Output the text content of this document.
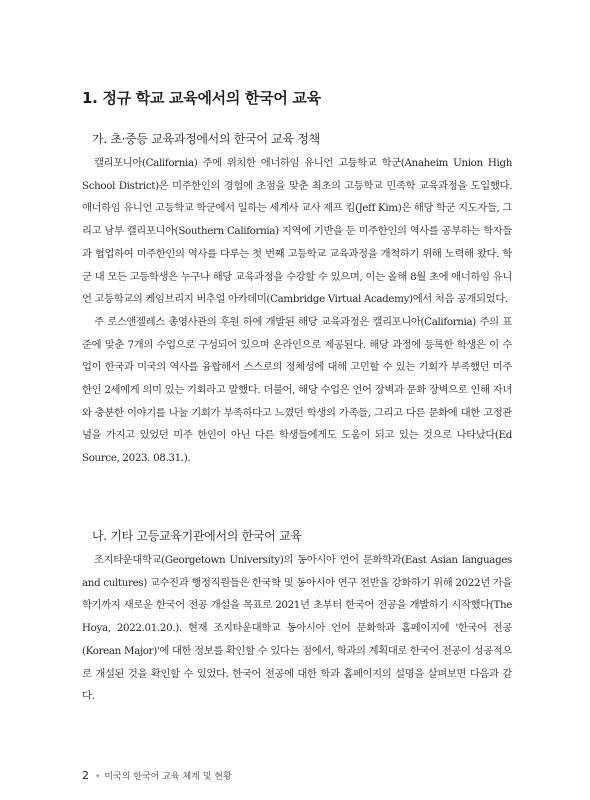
1. 정규 학교 교육에서의 한국어 교육
가. 초·중등 교육과정에서의 한국어 교육 정책

캘리포니아(California) 주에 위치한 애너하임 유니언 고등학교 학군(Anaheim Union High School District)은 미주한인의 경험에 초점을 맞춘 최초의 고등학교 민족학 교육과정을 도입했다. 애너하임 유니언 고등학교 학군에서 일하는 세계사 교사 제프 킴(Jeff Kim)은 해당 학군 지도자들, 그리고 남부 캘리포니아(Southern California) 지역에 기반을 둔 미주한인의 역사를 공부하는 학자들과 협업하여 미주한인의 역사를 다루는 첫 번째 고등학교 교육과정을 개척하기 위해 노력해 왔다. 학군 내 모든 고등학생은 누구나 해당 교육과정을 수강할 수 있으며, 이는 올해 8월 초에 애너하임 유니언 고등학교의 케임브리지 버추얼 아카데미(Cambridge Virtual Academy)에서 처음 공개되었다.

주 로스앤젤레스 총영사관의 후원 하에 개발된 해당 교육과정은 캘리포니아(California) 주의 표준에 맞춘 7개의 수업으로 구성되어 있으며 온라인으로 제공된다. 해당 과정에 등록한 학생은 이 수업이 한국과 미국의 역사를 융합해서 스스로의 정체성에 대해 고민할 수 있는 기회가 부족했던 미주 한인 2세에게 의미 있는 기회라고 말했다. 더불어, 해당 수업은 언어 장벽과 문화 장벽으로 인해 자녀와 충분한 이야기를 나눌 기회가 부족하다고 느꼈던 학생의 가족들, 그리고 다른 문화에 대한 고정관념을 가지고 있었던 미주 한인이 아닌 다른 학생들에게도 도움이 되고 있는 것으로 나타났다(Ed Source, 2023. 08.31.).

나. 기타 고등교육기관에서의 한국어 교육

조지타운대학교(Georgetown University)의 동아시아 언어 문화학과(East Asian languages and cultures) 교수진과 행정직원들은 한국학 및 동아시아 연구 전반을 강화하기 위해 2022년 가을학기까지 새로운 한국어 전공 개설을 목표로 2021년 초부터 한국어 전공을 개발하기 시작했다(The Hoya, 2022.01.20.). 현재 조지타운대학교 동아시아 언어 문화학과 홈페이지에 '한국어 전공(Korean Major)'에 대한 정보를 확인할 수 있다는 점에서, 학과의 계획대로 한국어 전공이 성공적으로 개설된 것을 확인할 수 있었다. 한국어 전공에 대한 학과 홈페이지의 설명을 살펴보면 다음과 같다.

2 • 미국의 한국어 교육 체계 및 현황
